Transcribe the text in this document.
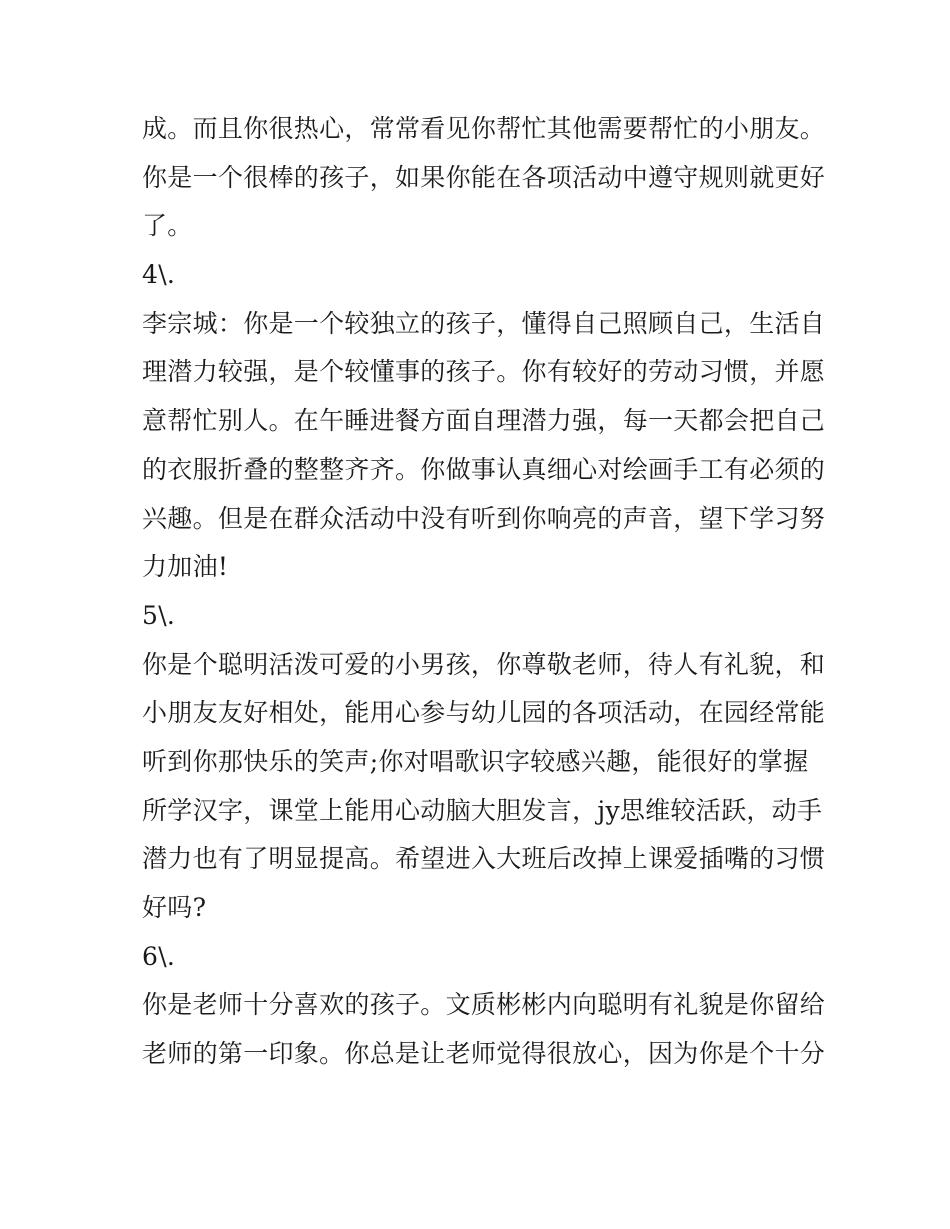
成。而且你很热心，常常看见你帮忙其他需要帮忙的小朋友。
你是一个很棒的孩子，如果你能在各项活动中遵守规则就更好
了。
4\.
李宗城：你是一个较独立的孩子，懂得自己照顾自己，生活自
理潜力较强，是个较懂事的孩子。你有较好的劳动习惯，并愿
意帮忙别人。在午睡进餐方面自理潜力强，每一天都会把自己
的衣服折叠的整整齐齐。你做事认真细心对绘画手工有必须的
兴趣。但是在群众活动中没有听到你响亮的声音，望下学习努
力加油!
5\.
你是个聪明活泼可爱的小男孩，你尊敬老师，待人有礼貌，和
小朋友友好相处，能用心参与幼儿园的各项活动，在园经常能
听到你那快乐的笑声;你对唱歌识字较感兴趣，能很好的掌握
所学汉字，课堂上能用心动脑大胆发言，jy思维较活跃，动手
潜力也有了明显提高。希望进入大班后改掉上课爱插嘴的习惯
好吗?
6\.
你是老师十分喜欢的孩子。文质彬彬内向聪明有礼貌是你留给
老师的第一印象。你总是让老师觉得很放心，因为你是个十分
